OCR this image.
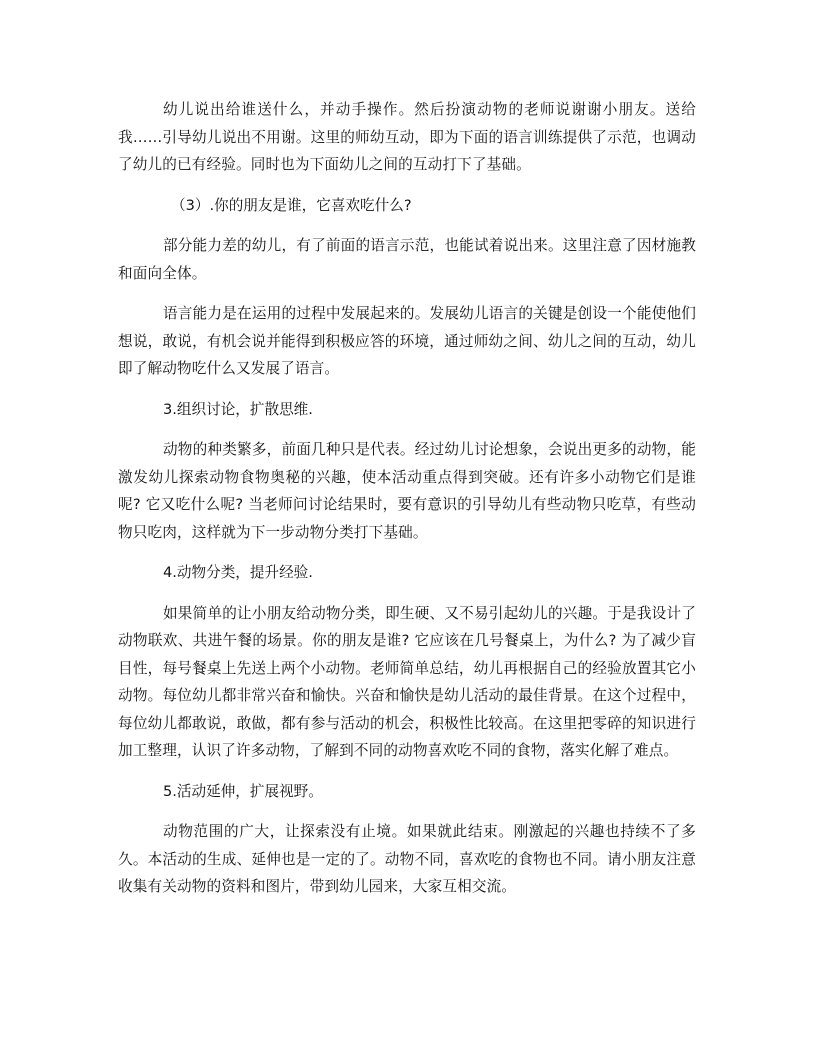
幼儿说出给谁送什么，并动手操作。然后扮演动物的老师说谢谢小朋友。送给我……引导幼儿说出不用谢。这里的师幼互动，即为下面的语言训练提供了示范，也调动了幼儿的已有经验。同时也为下面幼儿之间的互动打下了基础。

（3）.你的朋友是谁，它喜欢吃什么?

部分能力差的幼儿，有了前面的语言示范，也能试着说出来。这里注意了因材施教和面向全体。

语言能力是在运用的过程中发展起来的。发展幼儿语言的关键是创设一个能使他们想说，敢说，有机会说并能得到积极应答的环境，通过师幼之间、幼儿之间的互动，幼儿即了解动物吃什么又发展了语言。

3.组织讨论，扩散思维.

动物的种类繁多，前面几种只是代表。经过幼儿讨论想象，会说出更多的动物，能激发幼儿探索动物食物奥秘的兴趣，使本活动重点得到突破。还有许多小动物它们是谁呢? 它又吃什么呢? 当老师问讨论结果时，要有意识的引导幼儿有些动物只吃草，有些动物只吃肉，这样就为下一步动物分类打下基础。

4.动物分类，提升经验.

如果简单的让小朋友给动物分类，即生硬、又不易引起幼儿的兴趣。于是我设计了动物联欢、共进午餐的场景。你的朋友是谁? 它应该在几号餐桌上，为什么? 为了减少盲目性，每号餐桌上先送上两个小动物。老师简单总结，幼儿再根据自己的经验放置其它小动物。每位幼儿都非常兴奋和愉快。兴奋和愉快是幼儿活动的最佳背景。在这个过程中，每位幼儿都敢说，敢做，都有参与活动的机会，积极性比较高。在这里把零碎的知识进行加工整理，认识了许多动物，了解到不同的动物喜欢吃不同的食物，落实化解了难点。

5.活动延伸，扩展视野。

动物范围的广大，让探索没有止境。如果就此结束。刚激起的兴趣也持续不了多久。本活动的生成、延伸也是一定的了。动物不同，喜欢吃的食物也不同。请小朋友注意收集有关动物的资料和图片，带到幼儿园来，大家互相交流。
